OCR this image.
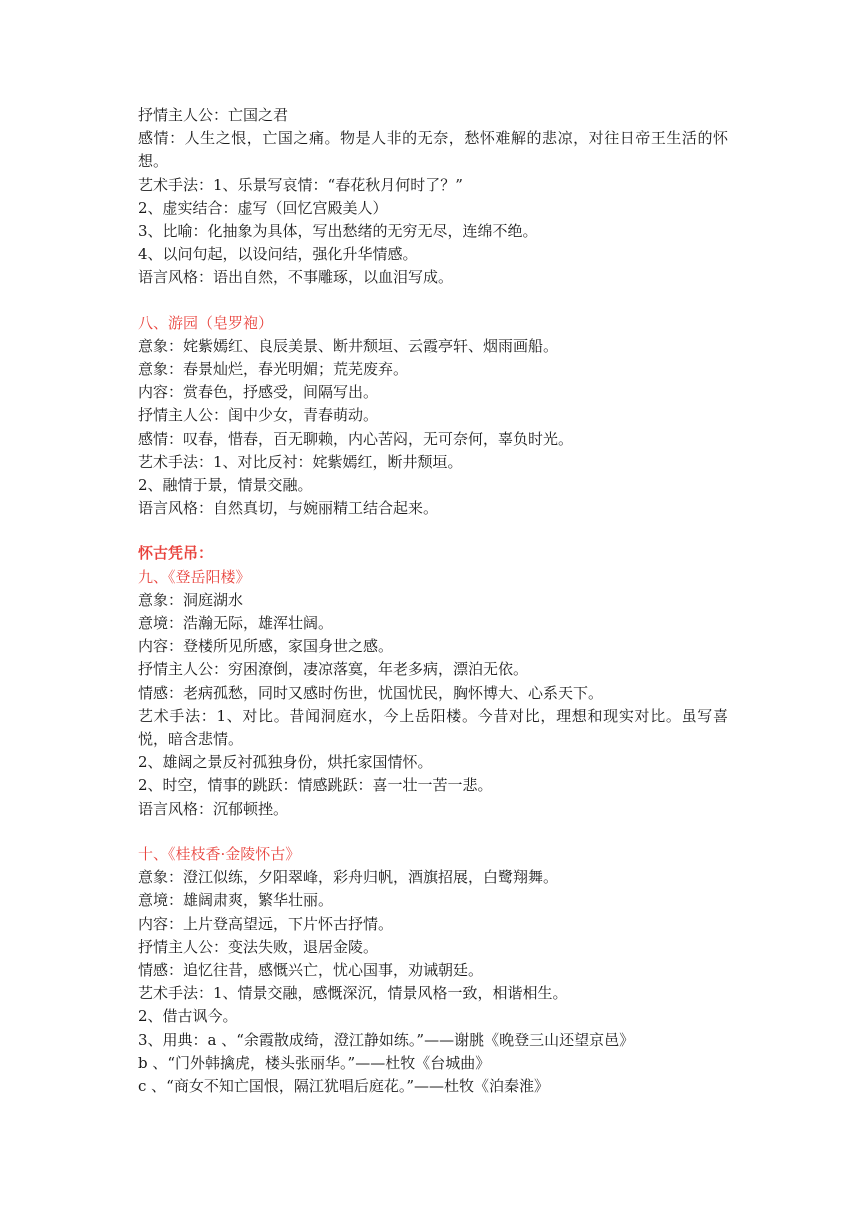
抒情主人公：亡国之君
感情：人生之恨，亡国之痛。物是人非的无奈，愁怀难解的悲凉，对往日帝王生活的怀想。
艺术手法：1、乐景写哀情：“春花秋月何时了？”
2、虚实结合：虚写（回忆宫殿美人）
3、比喻：化抽象为具体，写出愁绪的无穷无尽，连绵不绝。
4、以问句起，以设问结，强化升华情感。
语言风格：语出自然，不事雕琢，以血泪写成。
八、游园（皂罗袍）
意象：姹紫嫣红、良辰美景、断井颓垣、云霞亭轩、烟雨画船。
意象：春景灿烂，春光明媚；荒芜废弃。
内容：赏春色，抒感受，间隔写出。
抒情主人公：闺中少女，青春萌动。
感情：叹春，惜春，百无聊赖，内心苦闷，无可奈何，辜负时光。
艺术手法：1、对比反衬：姹紫嫣红，断井颓垣。
2、融情于景，情景交融。
语言风格：自然真切，与婉丽精工结合起来。
怀古凭吊：
九、《登岳阳楼》
意象：洞庭湖水
意境：浩瀚无际，雄浑壮阔。
内容：登楼所见所感，家国身世之感。
抒情主人公：穷困潦倒，凄凉落寞，年老多病，漂泊无依。
情感：老病孤愁，同时又感时伤世，忧国忧民，胸怀博大、心系天下。
艺术手法：1、对比。昔闻洞庭水，今上岳阳楼。今昔对比，理想和现实对比。虽写喜悦，暗含悲情。
2、雄阔之景反衬孤独身份，烘托家国情怀。
2、时空，情事的跳跃：情感跳跃：喜一壮一苦一悲。
语言风格：沉郁顿挫。
十、《桂枝香·金陵怀古》
意象：澄江似练，夕阳翠峰，彩舟归帆，酒旗招展，白鹭翔舞。
意境：雄阔肃爽，繁华壮丽。
内容：上片登高望远，下片怀古抒情。
抒情主人公：变法失败，退居金陵。
情感：追忆往昔，感慨兴亡，忧心国事，劝诫朝廷。
艺术手法：1、情景交融，感慨深沉，情景风格一致，相谐相生。
2、借古讽今。
3、用典：a 、“余霞散成绮，澄江静如练。”——谢朓《晚登三山还望京邑》
b 、“门外韩擒虎，楼头张丽华。”——杜牧《台城曲》
c 、“商女不知亡国恨，隔江犹唱后庭花。”——杜牧《泊秦淮》
